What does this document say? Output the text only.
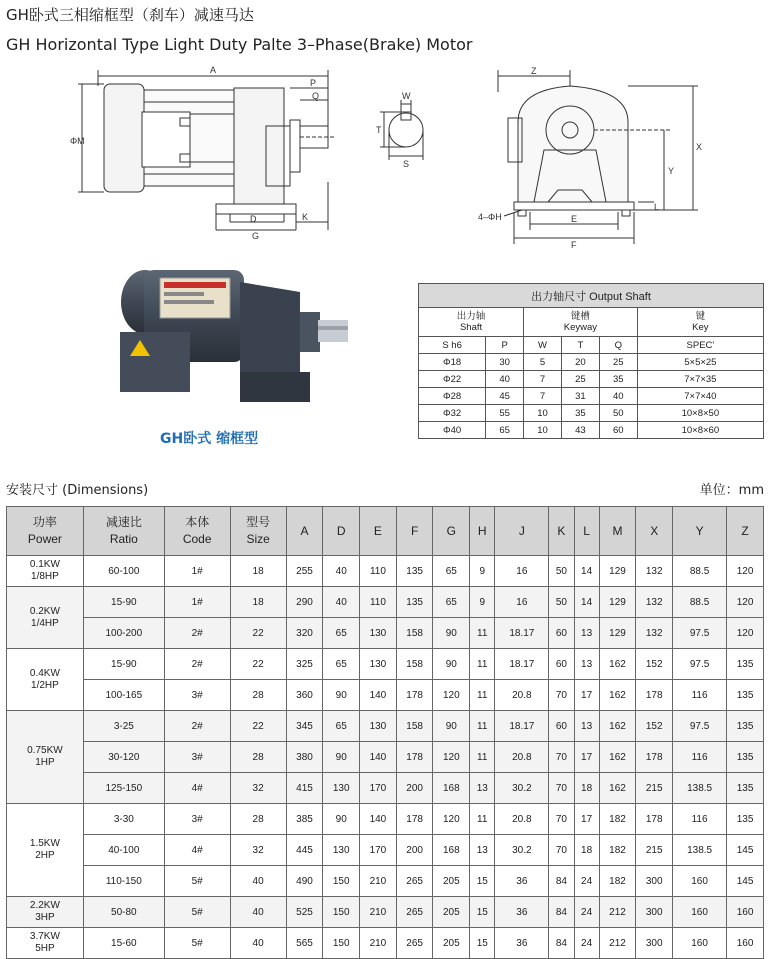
GH卧式三相缩框型（刹车）减速马达
GH Horizontal Type Light Duty Palte 3–Phase(Brake) Motor
A
P
Q
ΦM
D
G
K
W
T
S
Z
X
Y
4–ΦH
L
E
F
GH卧式 缩框型
出力轴尺寸 Output Shaft					
出力轴
Shaft		键槽
Keyway			键
Key
S h6	P	W	T	Q	SPEC'
Φ18	30	5	20	25	5×5×25
Φ22	40	7	25	35	7×7×35
Φ28	45	7	31	40	7×7×40
Φ32	55	10	35	50	10×8×50
Φ40	65	10	43	60	10×8×60
安装尺寸 (Dimensions)	单位：mm
功率
Power	减速比
Ratio	本体
Code	型号
Size	A	D	E	F	G	H	J	K	L	M	X	Y	Z
0.1KW
1/8HP	60-100	1#	18	255	40	110	135	65	9	16	50	14	129	132	88.5	120
0.2KW
1/4HP	15-90	1#	18	290	40	110	135	65	9	16	50	14	129	132	88.5	120
	100-200	2#	22	320	65	130	158	90	11	18.17	60	13	129	132	97.5	120
0.4KW
1/2HP	15-90	2#	22	325	65	130	158	90	11	18.17	60	13	162	152	97.5	135
	100-165	3#	28	360	90	140	178	120	11	20.8	70	17	162	178	116	135
0.75KW
1HP	3-25	2#	22	345	65	130	158	90	11	18.17	60	13	162	152	97.5	135
	30-120	3#	28	380	90	140	178	120	11	20.8	70	17	162	178	116	135
	125-150	4#	32	415	130	170	200	168	13	30.2	70	18	162	215	138.5	135
1.5KW
2HP	3-30	3#	28	385	90	140	178	120	11	20.8	70	17	182	178	116	135
	40-100	4#	32	445	130	170	200	168	13	30.2	70	18	182	215	138.5	145
	110-150	5#	40	490	150	210	265	205	15	36	84	24	182	300	160	145
2.2KW
3HP	50-80	5#	40	525	150	210	265	205	15	36	84	24	212	300	160	160
3.7KW
5HP	15-60	5#	40	565	150	210	265	205	15	36	84	24	212	300	160	160
